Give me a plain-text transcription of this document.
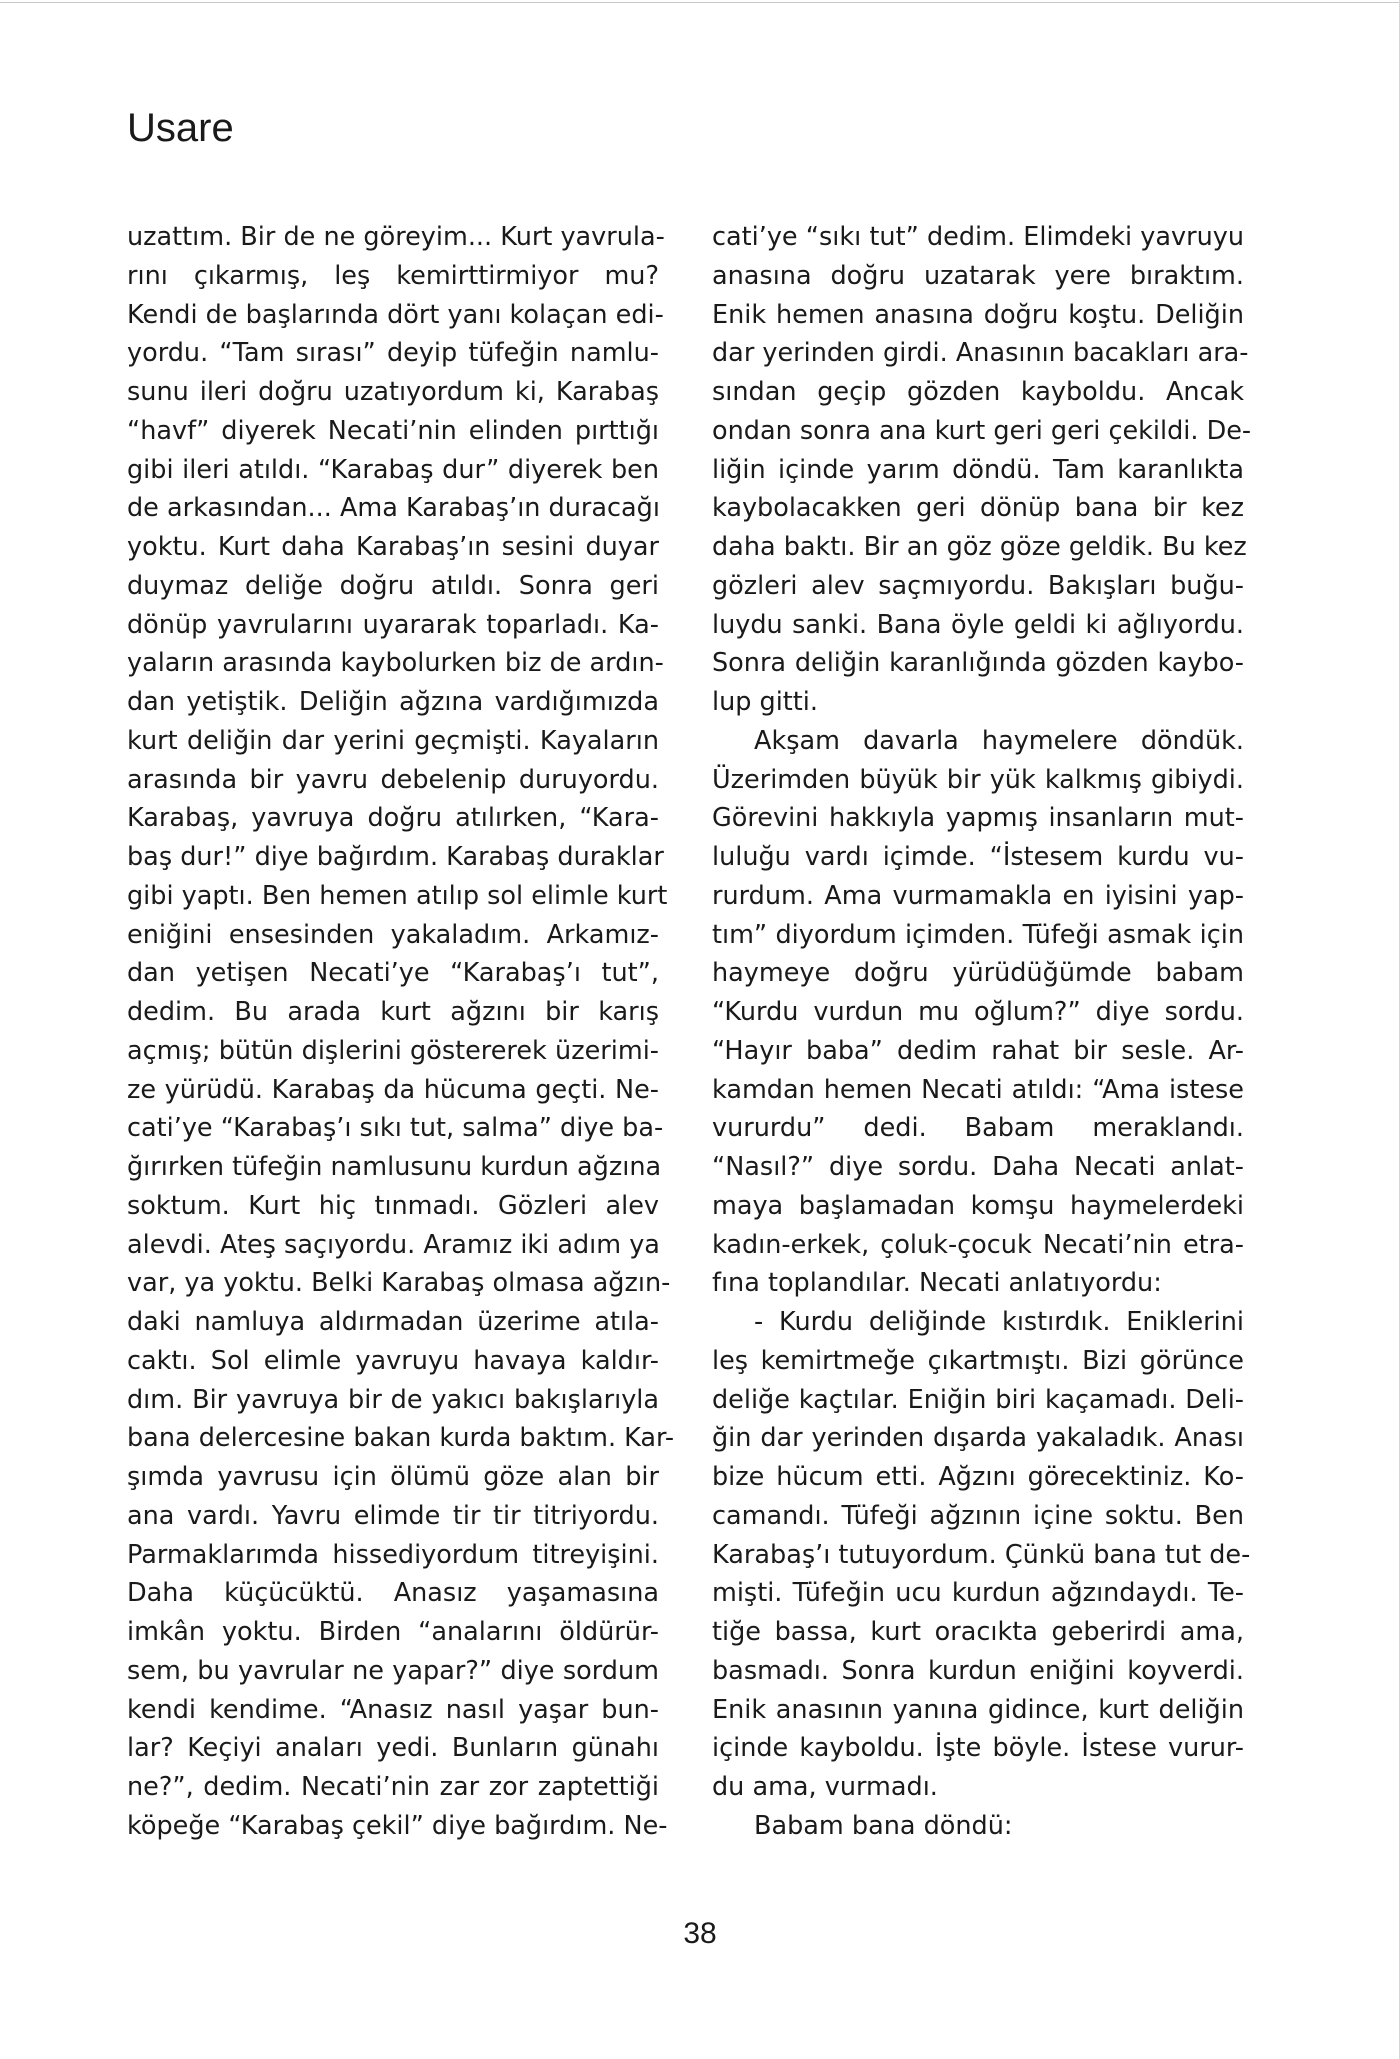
Usare
uzattım. Bir de ne göreyim... Kurt yavrula-
rını çıkarmış, leş kemirttirmiyor mu?
Kendi de başlarında dört yanı kolaçan edi-
yordu. “Tam sırası” deyip tüfeğin namlu-
sunu ileri doğru uzatıyordum ki, Karabaş
“havf” diyerek Necati’nin elinden pırttığı
gibi ileri atıldı. “Karabaş dur” diyerek ben
de arkasından... Ama Karabaş’ın duracağı
yoktu. Kurt daha Karabaş’ın sesini duyar
duymaz deliğe doğru atıldı. Sonra geri
dönüp yavrularını uyararak toparladı. Ka-
yaların arasında kaybolurken biz de ardın-
dan yetiştik. Deliğin ağzına vardığımızda
kurt deliğin dar yerini geçmişti. Kayaların
arasında bir yavru debelenip duruyordu.
Karabaş, yavruya doğru atılırken, “Kara-
baş dur!” diye bağırdım. Karabaş duraklar
gibi yaptı. Ben hemen atılıp sol elimle kurt
eniğini ensesinden yakaladım. Arkamız-
dan yetişen Necati’ye “Karabaş’ı tut”,
dedim. Bu arada kurt ağzını bir karış
açmış; bütün dişlerini göstererek üzerimi-
ze yürüdü. Karabaş da hücuma geçti. Ne-
cati’ye “Karabaş’ı sıkı tut, salma” diye ba-
ğırırken tüfeğin namlusunu kurdun ağzına
soktum. Kurt hiç tınmadı. Gözleri alev
alevdi. Ateş saçıyordu. Aramız iki adım ya
var, ya yoktu. Belki Karabaş olmasa ağzın-
daki namluya aldırmadan üzerime atıla-
caktı. Sol elimle yavruyu havaya kaldır-
dım. Bir yavruya bir de yakıcı bakışlarıyla
bana delercesine bakan kurda baktım. Kar-
şımda yavrusu için ölümü göze alan bir
ana vardı. Yavru elimde tir tir titriyordu.
Parmaklarımda hissediyordum titreyişini.
Daha küçücüktü. Anasız yaşamasına
imkân yoktu. Birden “analarını öldürür-
sem, bu yavrular ne yapar?” diye sordum
kendi kendime. “Anasız nasıl yaşar bun-
lar? Keçiyi anaları yedi. Bunların günahı
ne?”, dedim. Necati’nin zar zor zaptettiği
köpeğe “Karabaş çekil” diye bağırdım. Ne-
cati’ye “sıkı tut” dedim. Elimdeki yavruyu
anasına doğru uzatarak yere bıraktım.
Enik hemen anasına doğru koştu. Deliğin
dar yerinden girdi. Anasının bacakları ara-
sından geçip gözden kayboldu. Ancak
ondan sonra ana kurt geri geri çekildi. De-
liğin içinde yarım döndü. Tam karanlıkta
kaybolacakken geri dönüp bana bir kez
daha baktı. Bir an göz göze geldik. Bu kez
gözleri alev saçmıyordu. Bakışları buğu-
luydu sanki. Bana öyle geldi ki ağlıyordu.
Sonra deliğin karanlığında gözden kaybo-
lup gitti.
Akşam davarla haymelere döndük.
Üzerimden büyük bir yük kalkmış gibiydi.
Görevini hakkıyla yapmış insanların mut-
luluğu vardı içimde. “İstesem kurdu vu-
rurdum. Ama vurmamakla en iyisini yap-
tım” diyordum içimden. Tüfeği asmak için
haymeye doğru yürüdüğümde babam
“Kurdu vurdun mu oğlum?” diye sordu.
“Hayır baba” dedim rahat bir sesle. Ar-
kamdan hemen Necati atıldı: “Ama istese
vururdu” dedi. Babam meraklandı.
“Nasıl?” diye sordu. Daha Necati anlat-
maya başlamadan komşu haymelerdeki
kadın-erkek, çoluk-çocuk Necati’nin etra-
fına toplandılar. Necati anlatıyordu:
- Kurdu deliğinde kıstırdık. Eniklerini
leş kemirtmeğe çıkartmıştı. Bizi görünce
deliğe kaçtılar. Eniğin biri kaçamadı. Deli-
ğin dar yerinden dışarda yakaladık. Anası
bize hücum etti. Ağzını görecektiniz. Ko-
camandı. Tüfeği ağzının içine soktu. Ben
Karabaş’ı tutuyordum. Çünkü bana tut de-
mişti. Tüfeğin ucu kurdun ağzındaydı. Te-
tiğe bassa, kurt oracıkta geberirdi ama,
basmadı. Sonra kurdun eniğini koyverdi.
Enik anasının yanına gidince, kurt deliğin
içinde kayboldu. İşte böyle. İstese vurur-
du ama, vurmadı.
Babam bana döndü:
38
